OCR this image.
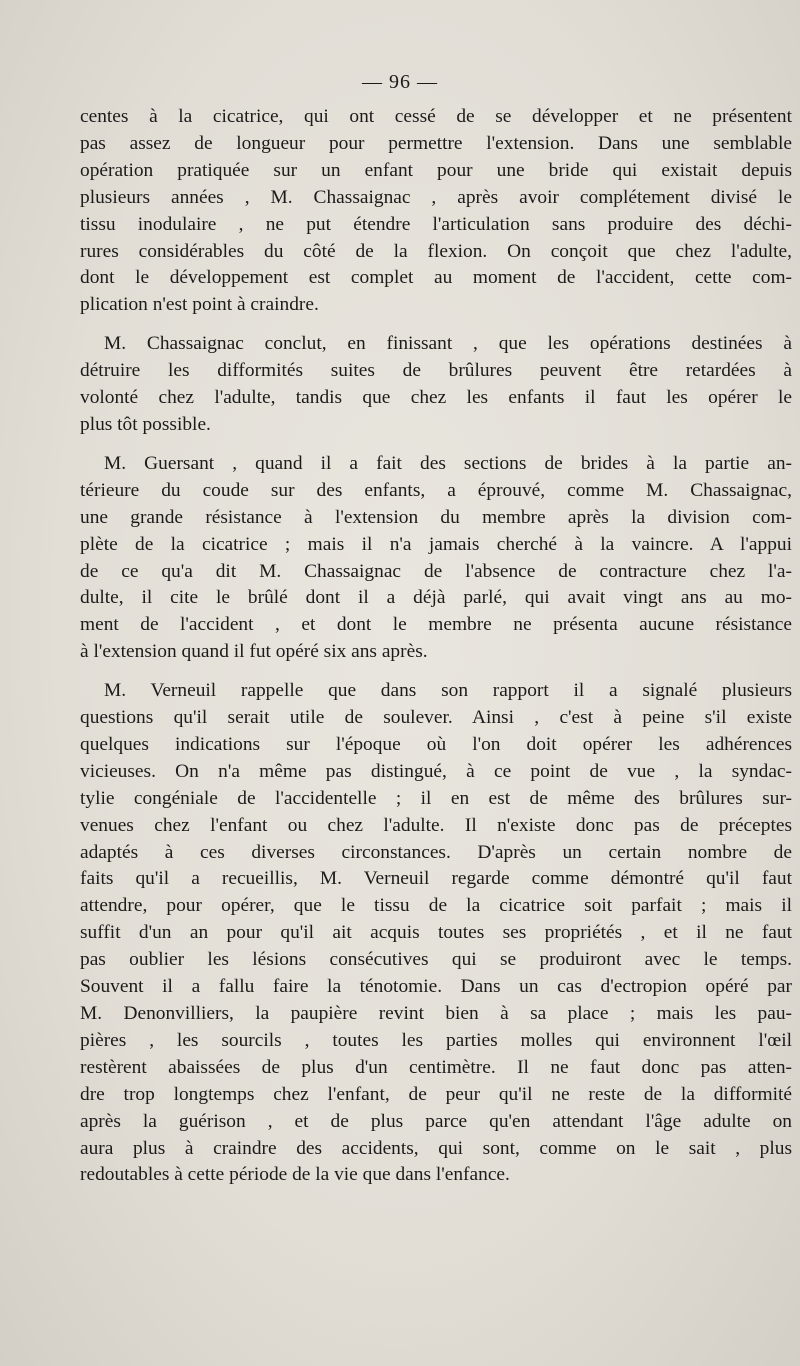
— 96 —
centes à la cicatrice, qui ont cessé de se développer et ne présentent
pas assez de longueur pour permettre l'extension. Dans une semblable
opération pratiquée sur un enfant pour une bride qui existait depuis
plusieurs années , M. Chassaignac , après avoir complétement divisé le
tissu inodulaire , ne put étendre l'articulation sans produire des déchi-
rures considérables du côté de la flexion. On conçoit que chez l'adulte,
dont le développement est complet au moment de l'accident, cette com-
plication n'est point à craindre.
M. Chassaignac conclut, en finissant , que les opérations destinées à
détruire les difformités suites de brûlures peuvent être retardées à
volonté chez l'adulte, tandis que chez les enfants il faut les opérer le
plus tôt possible.
M. Guersant , quand il a fait des sections de brides à la partie an-
térieure du coude sur des enfants, a éprouvé, comme M. Chassaignac,
une grande résistance à l'extension du membre après la division com-
plète de la cicatrice ; mais il n'a jamais cherché à la vaincre. A l'appui
de ce qu'a dit M. Chassaignac de l'absence de contracture chez l'a-
dulte, il cite le brûlé dont il a déjà parlé, qui avait vingt ans au mo-
ment de l'accident , et dont le membre ne présenta aucune résistance
à l'extension quand il fut opéré six ans après.
M. Verneuil rappelle que dans son rapport il a signalé plusieurs
questions qu'il serait utile de soulever. Ainsi , c'est à peine s'il existe
quelques indications sur l'époque où l'on doit opérer les adhérences
vicieuses. On n'a même pas distingué, à ce point de vue , la syndac-
tylie congéniale de l'accidentelle ; il en est de même des brûlures sur-
venues chez l'enfant ou chez l'adulte. Il n'existe donc pas de préceptes
adaptés à ces diverses circonstances. D'après un certain nombre de
faits qu'il a recueillis, M. Verneuil regarde comme démontré qu'il faut
attendre, pour opérer, que le tissu de la cicatrice soit parfait ; mais il
suffit d'un an pour qu'il ait acquis toutes ses propriétés , et il ne faut
pas oublier les lésions consécutives qui se produiront avec le temps.
Souvent il a fallu faire la ténotomie. Dans un cas d'ectropion opéré par
M. Denonvilliers, la paupière revint bien à sa place ; mais les pau-
pières , les sourcils , toutes les parties molles qui environnent l'œil
restèrent abaissées de plus d'un centimètre. Il ne faut donc pas atten-
dre trop longtemps chez l'enfant, de peur qu'il ne reste de la difformité
après la guérison , et de plus parce qu'en attendant l'âge adulte on
aura plus à craindre des accidents, qui sont, comme on le sait , plus
redoutables à cette période de la vie que dans l'enfance.
